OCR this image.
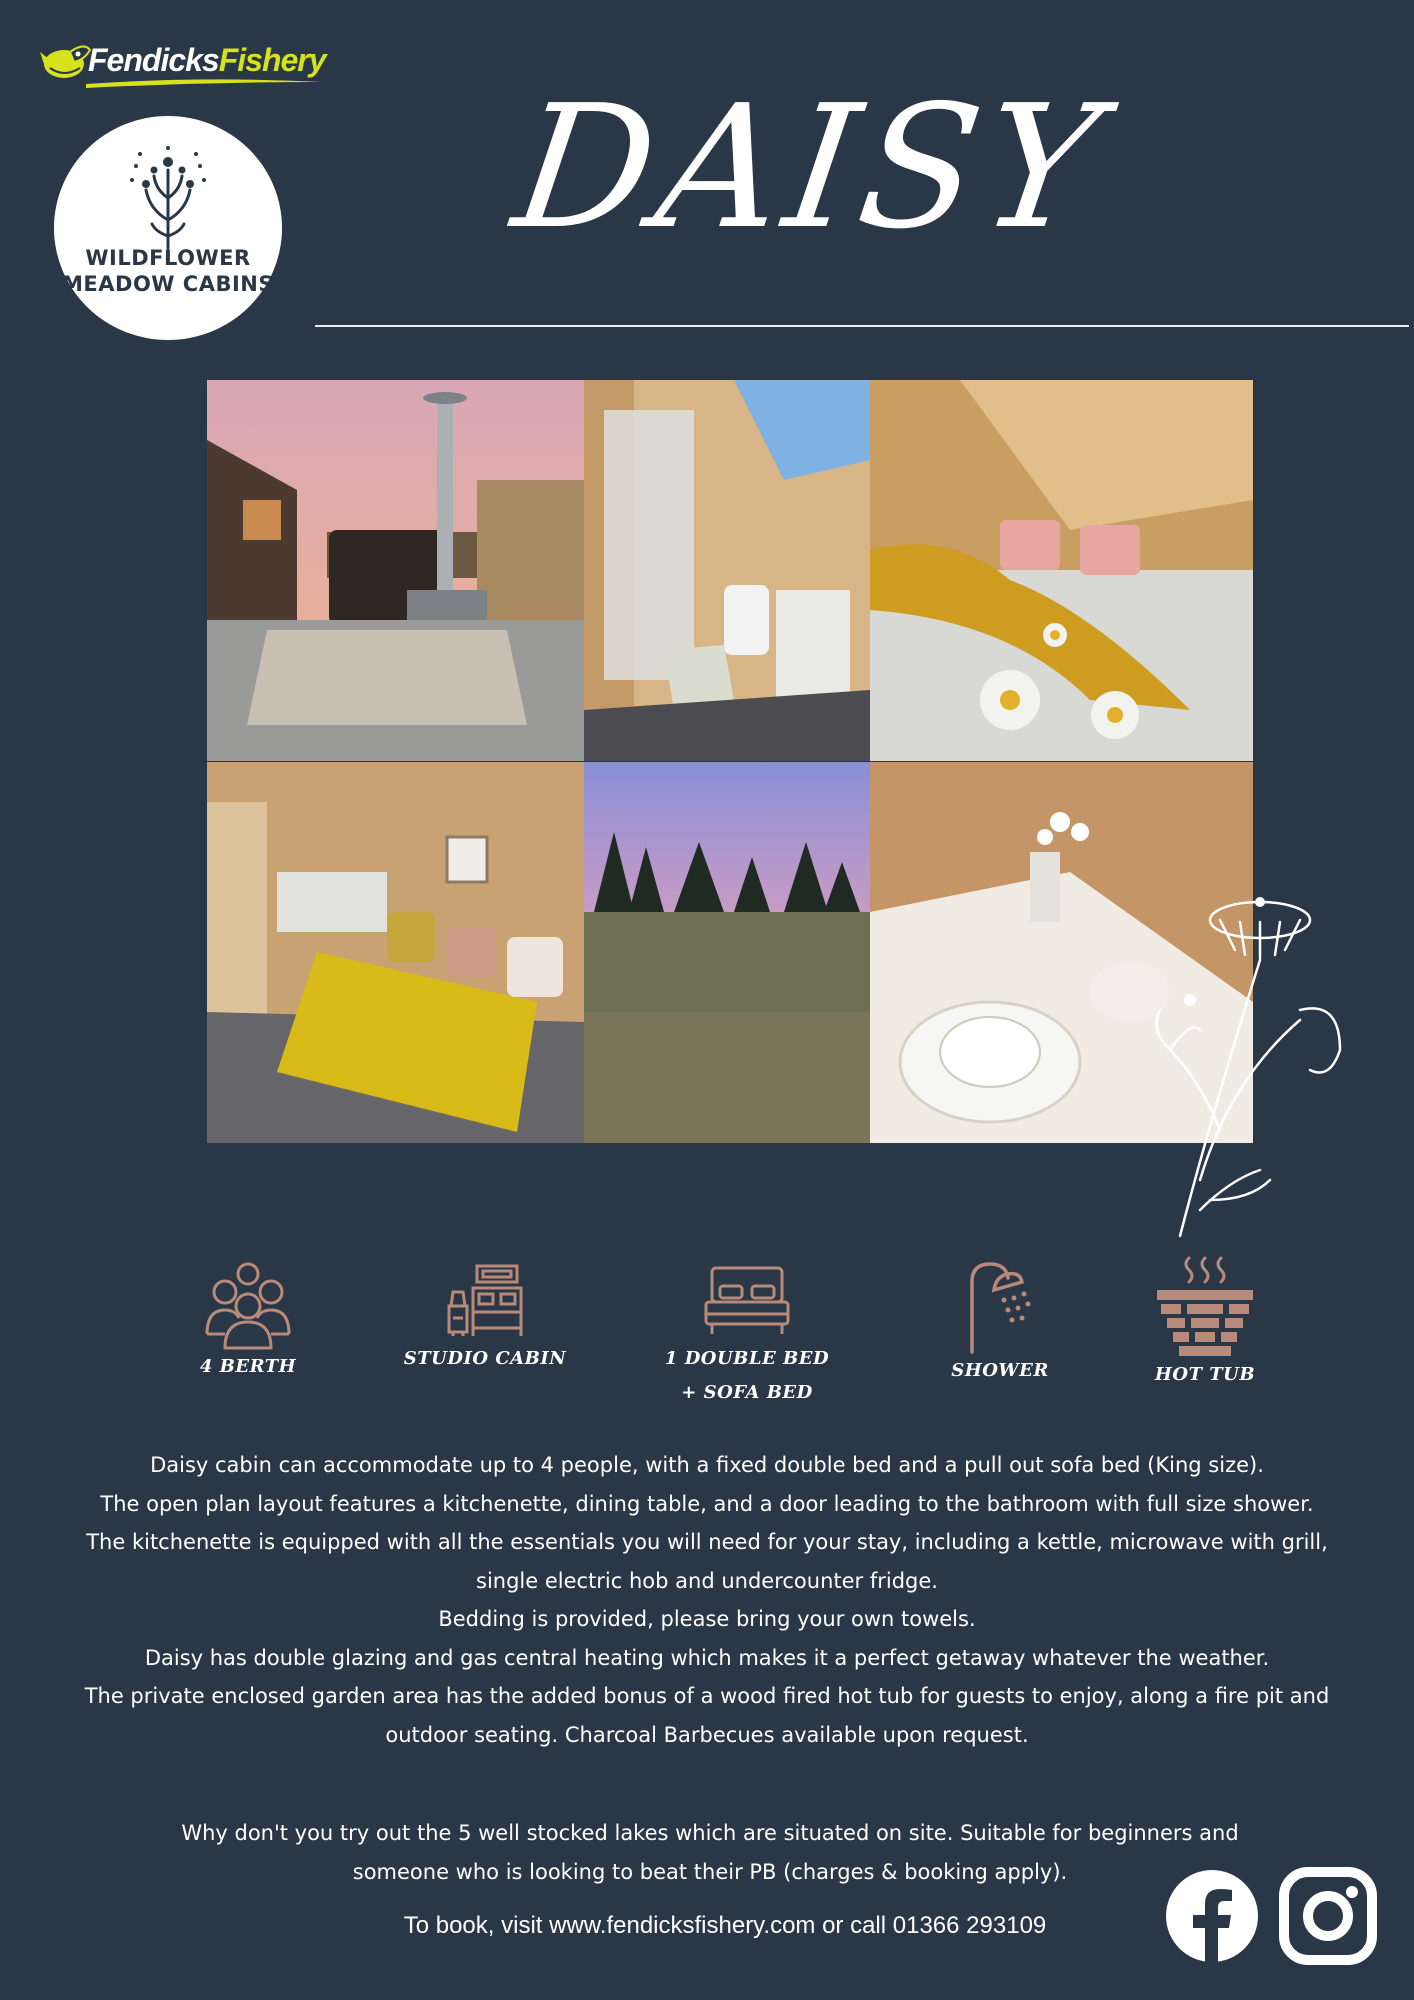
FendicksFishery
WILDFLOWER
MEADOW CABINS
DAISY
4 BERTH	STUDIO CABIN	1 DOUBLE BED
+ SOFA BED
SHOWER	HOT TUB

Daisy cabin can accommodate up to 4 people, with a fixed double bed and a pull out sofa bed (King size).

The open plan layout features a kitchenette, dining table, and a door leading to the bathroom with full size shower.

The kitchenette is equipped with all the essentials you will need for your stay, including a kettle, microwave with grill, single electric hob and undercounter fridge.

Bedding is provided, please bring your own towels.

Daisy has double glazing and gas central heating which makes it a perfect getaway whatever the weather.

The private enclosed garden area has the added bonus of a wood fired hot tub for guests to enjoy, along a fire pit and outdoor seating. Charcoal Barbecues available upon request.

Why don't you try out the 5 well stocked lakes which are situated on site. Suitable for beginners and

someone who is looking to beat their PB (charges & booking apply).

To book, visit www.fendicksfishery.com or call 01366 293109
